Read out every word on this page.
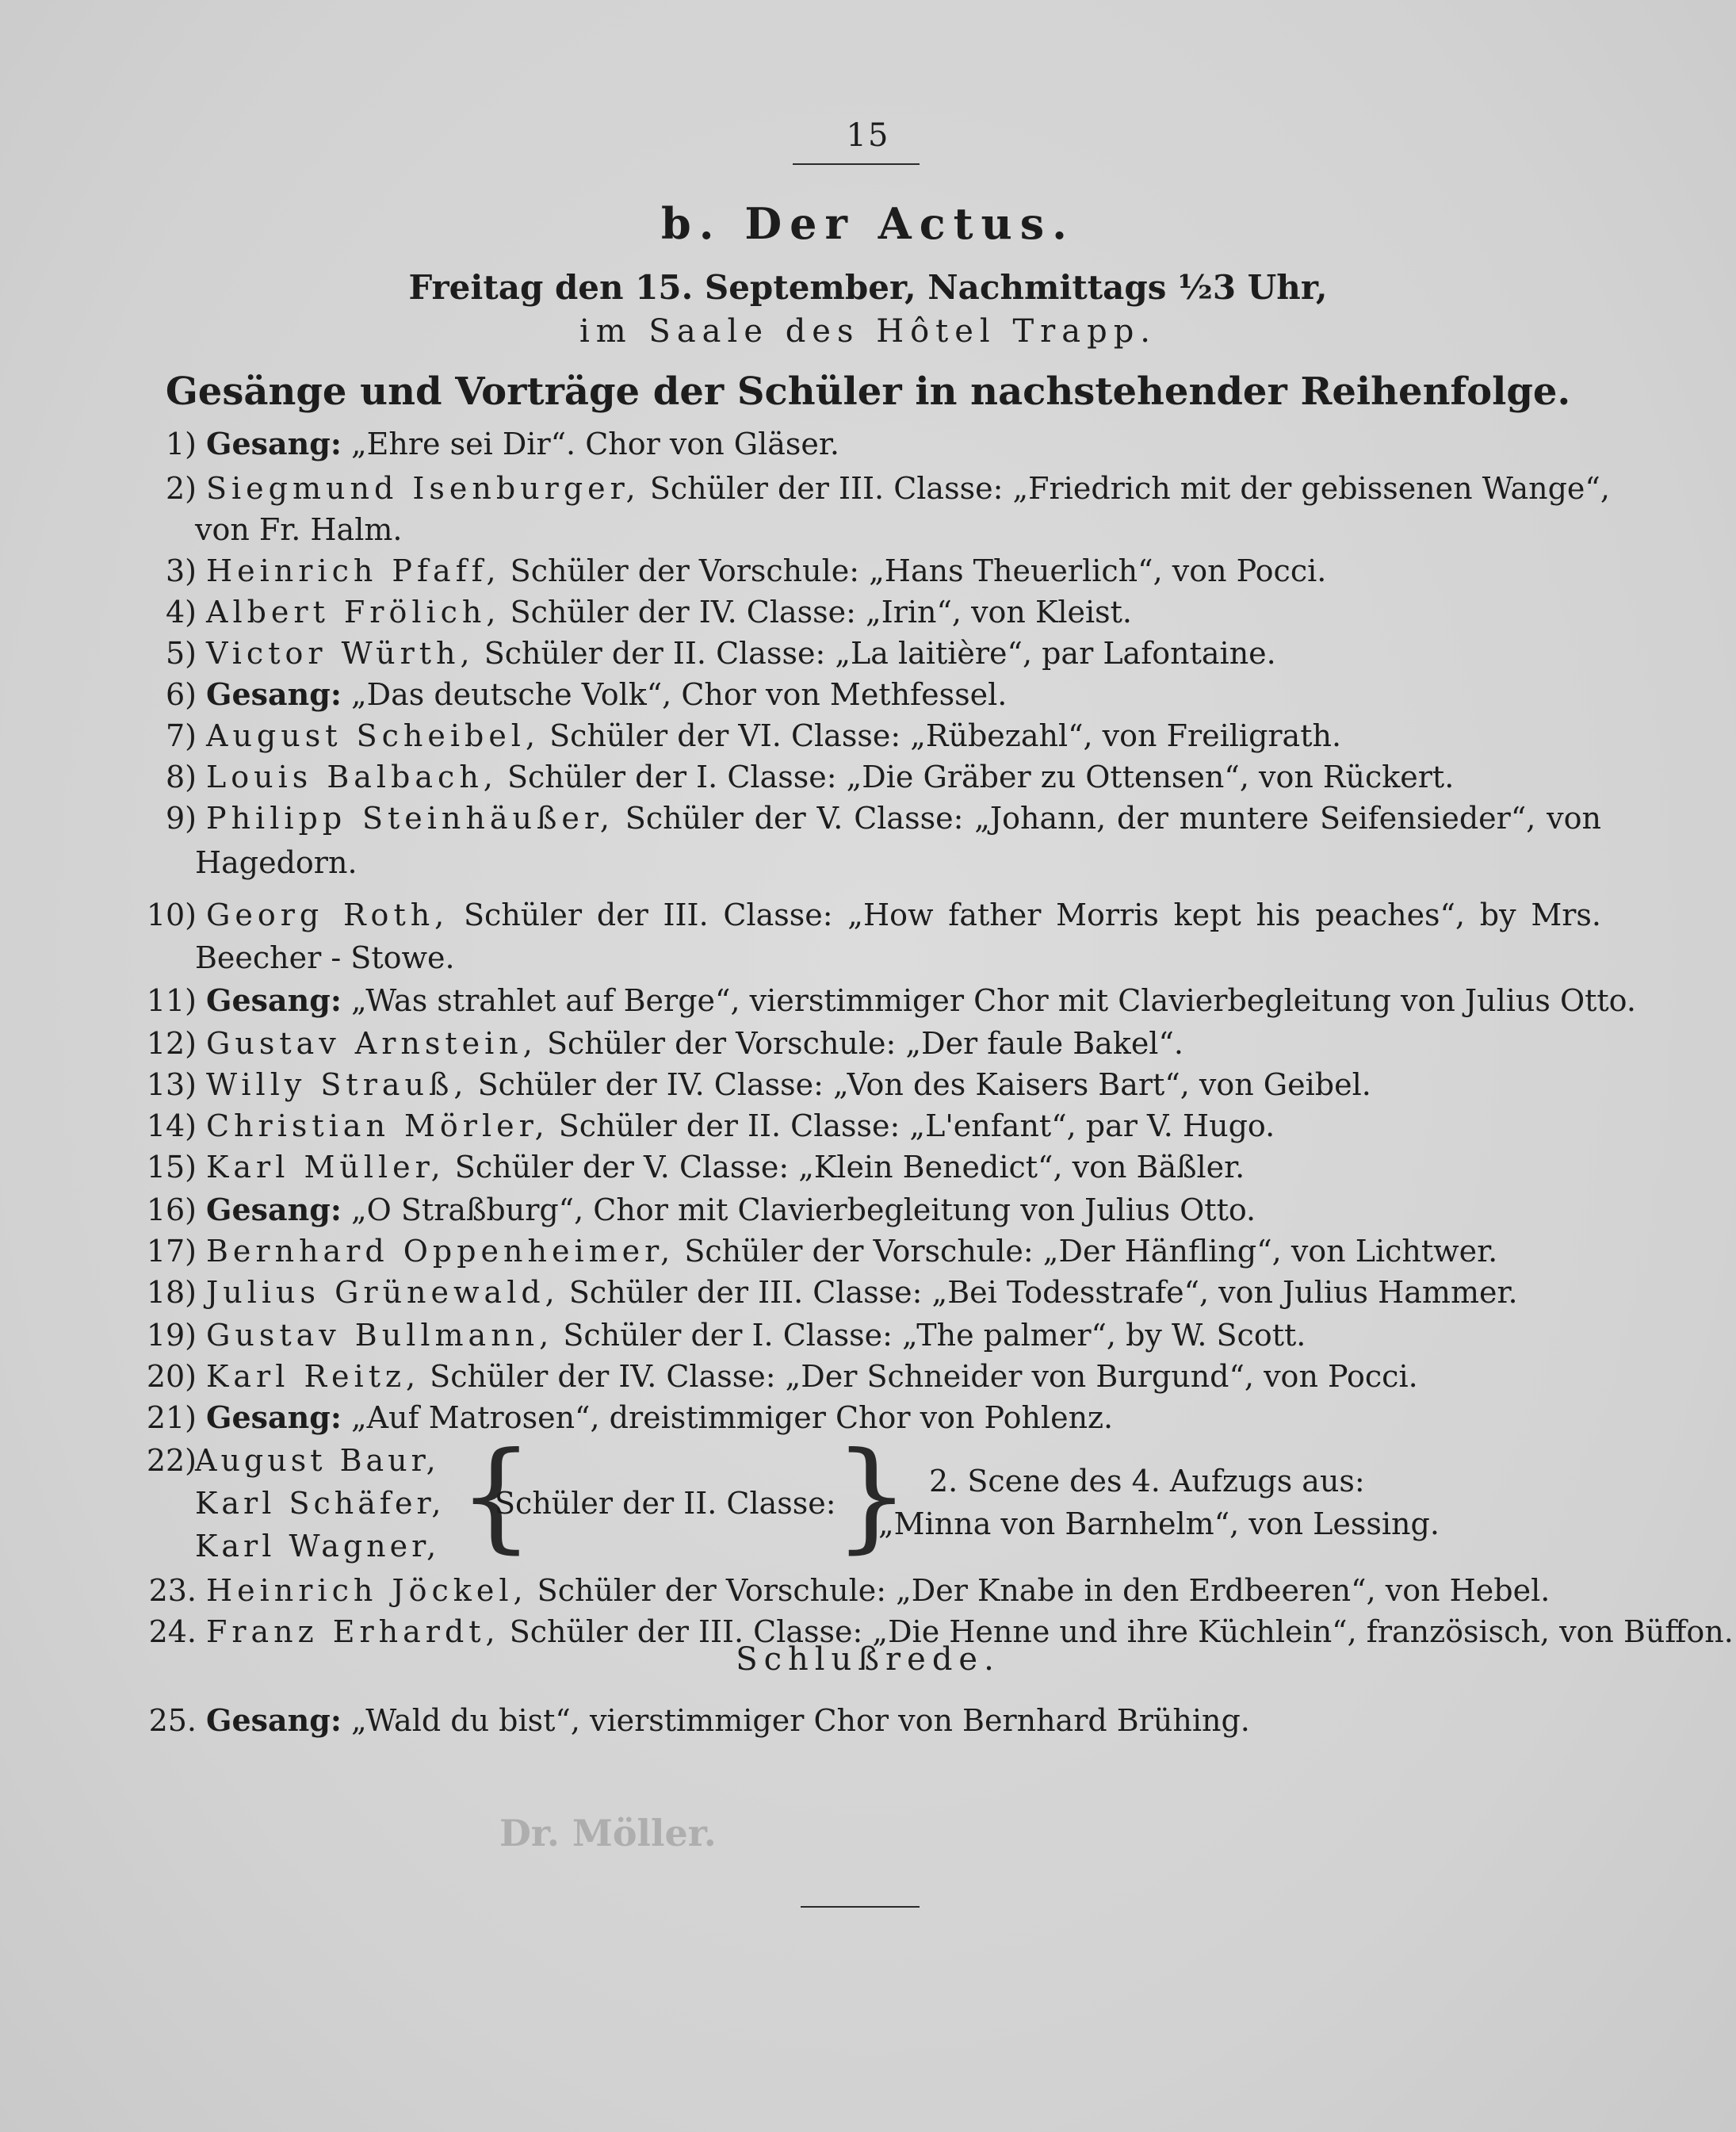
Dr. Möller.
15
b. Der Actus.
Freitag den 15. September, Nachmittags ½3 Uhr,
im Saale des Hôtel Trapp.
Gesänge und Vorträge der Schüler in nachstehender Reihenfolge.
1) Gesang: „Ehre sei Dir“. Chor von Gläser.
2) Siegmund Isenburger, Schüler der III. Classe: „Friedrich mit der gebissenen Wange“,
von Fr. Halm.
3) Heinrich Pfaff, Schüler der Vorschule: „Hans Theuerlich“, von Pocci.
4) Albert Frölich, Schüler der IV. Classe: „Irin“, von Kleist.
5) Victor Würth, Schüler der II. Classe: „La laitière“, par Lafontaine.
6) Gesang: „Das deutsche Volk“, Chor von Methfessel.
7) August Scheibel, Schüler der VI. Classe: „Rübezahl“, von Freiligrath.
8) Louis Balbach, Schüler der I. Classe: „Die Gräber zu Ottensen“, von Rückert.
9) Philipp Steinhäußer, Schüler der V. Classe: „Johann, der muntere Seifensieder“, von
Hagedorn.
10) Georg Roth, Schüler der III. Classe: „How father Morris kept his peaches“, by Mrs.
Beecher - Stowe.
11) Gesang: „Was strahlet auf Berge“, vierstimmiger Chor mit Clavierbegleitung von Julius Otto.
12) Gustav Arnstein, Schüler der Vorschule: „Der faule Bakel“.
13) Willy Strauß, Schüler der IV. Classe: „Von des Kaisers Bart“, von Geibel.
14) Christian Mörler, Schüler der II. Classe: „L'enfant“, par V. Hugo.
15) Karl Müller, Schüler der V. Classe: „Klein Benedict“, von Bäßler.
16) Gesang: „O Straßburg“, Chor mit Clavierbegleitung von Julius Otto.
17) Bernhard Oppenheimer, Schüler der Vorschule: „Der Hänfling“, von Lichtwer.
18) Julius Grünewald, Schüler der III. Classe: „Bei Todesstrafe“, von Julius Hammer.
19) Gustav Bullmann, Schüler der I. Classe: „The palmer“, by W. Scott.
20) Karl Reitz, Schüler der IV. Classe: „Der Schneider von Burgund“, von Pocci.
21) Gesang: „Auf Matrosen“, dreistimmiger Chor von Pohlenz.
22)
August Baur,
Karl Schäfer,
Karl Wagner, {
Schüler der II. Classe:
} 2. Scene des 4. Aufzugs aus:
„Minna von Barnhelm“, von Lessing.
23. Heinrich Jöckel, Schüler der Vorschule: „Der Knabe in den Erdbeeren“, von Hebel.
24. Franz Erhardt, Schüler der III. Classe: „Die Henne und ihre Küchlein“, französisch, von Büffon.
Schlußrede.
25. Gesang: „Wald du bist“, vierstimmiger Chor von Bernhard Brühing.
